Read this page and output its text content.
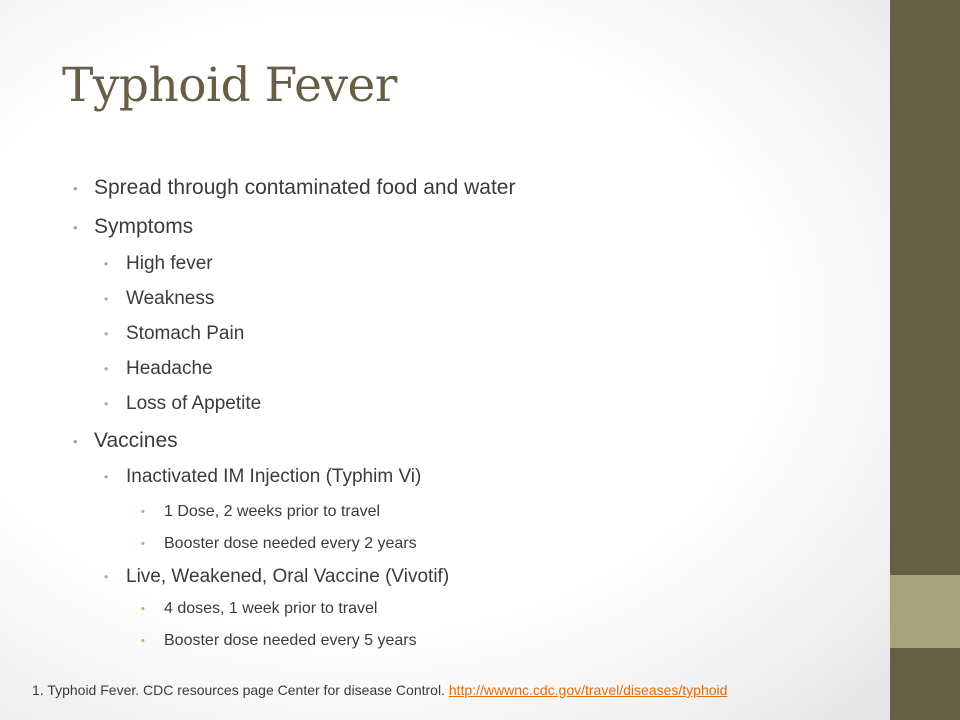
Typhoid Fever
• Spread through contaminated food and water
• Symptoms
• High fever
• Weakness
• Stomach Pain
• Headache
• Loss of Appetite
• Vaccines
• Inactivated IM Injection (Typhim Vi)
• 1 Dose, 2 weeks prior to travel
• Booster dose needed every 2 years
• Live, Weakened, Oral Vaccine (Vivotif)
• 4 doses, 1 week prior to travel
• Booster dose needed every 5 years
1. Typhoid Fever. CDC resources page Center for disease Control. http://wwwnc.cdc.gov/travel/diseases/typhoid
